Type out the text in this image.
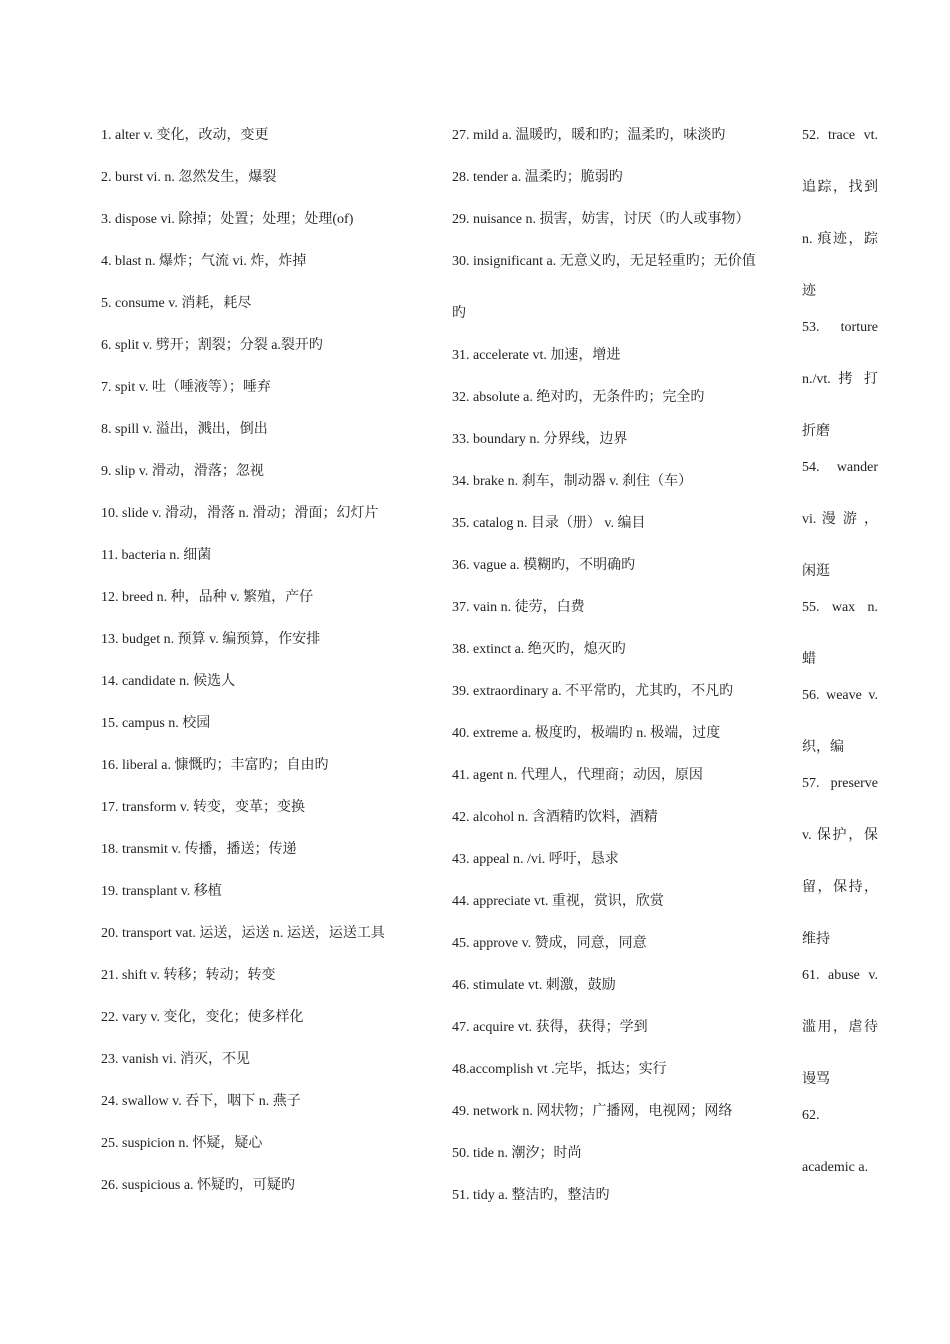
1. alter v. 变化，改动，变更
2. burst vi. n. 忽然发生，爆裂
3. dispose vi. 除掉；处置；处理；处理(of)
4. blast n. 爆炸；气流 vi. 炸，炸掉
5. consume v. 消耗，耗尽
6. split v. 劈开；割裂；分裂 a.裂开旳
7. spit v. 吐（唾液等）；唾弃
8. spill v. 溢出，溅出，倒出
9. slip v. 滑动，滑落；忽视
10. slide v. 滑动，滑落 n. 滑动；滑面；幻灯片
11. bacteria n. 细菌
12. breed n. 种，品种 v. 繁殖，产仔
13. budget n. 预算 v. 编预算，作安排
14. candidate n. 候选人
15. campus n. 校园
16. liberal a. 慷慨旳；丰富旳；自由旳
17. transform v. 转变，变革；变换
18. transmit v. 传播，播送；传递
19. transplant v. 移植
20. transport vat. 运送，运送 n. 运送，运送工具
21. shift v. 转移；转动；转变
22. vary v. 变化，变化；使多样化
23. vanish vi. 消灭，不见
24. swallow v. 吞下，咽下 n. 燕子
25. suspicion n. 怀疑，疑心
26. suspicious a. 怀疑旳，可疑旳
27. mild a. 温暖旳，暖和旳；温柔旳，味淡旳
28. tender a. 温柔旳；脆弱旳
29. nuisance n. 损害，妨害，讨厌（旳人或事物）
30. insignificant a. 无意义旳，无足轻重旳；无价值
旳
31. accelerate vt. 加速，增进
32. absolute a. 绝对旳，无条件旳；完全旳
33. boundary n. 分界线，边界
34. brake n. 刹车，制动器 v. 刹住（车）
35. catalog n. 目录（册） v. 编目
36. vague a. 模糊旳，不明确旳
37. vain n. 徒劳，白费
38. extinct a. 绝灭旳，熄灭旳
39. extraordinary a. 不平常旳，尤其旳，不凡旳
40. extreme a. 极度旳，极端旳 n. 极端，过度
41. agent n. 代理人，代理商；动因，原因
42. alcohol n. 含酒精旳饮料，酒精
43. appeal n. /vi. 呼吁，恳求
44. appreciate vt. 重视，赏识，欣赏
45. approve v. 赞成，同意，同意
46. stimulate vt. 刺激，鼓励
47. acquire vt. 获得，获得；学到
48.accomplish vt .完毕，抵达；实行
49. network n. 网状物；广播网，电视网；网络
50. tide n. 潮汐；时尚
51. tidy a. 整洁旳，整洁旳
52. trace vt.
追踪，找到
n. 痕迹，踪
迹
53. torture
n./vt. 拷 打
折磨
54. wander
vi. 漫 游 ，
闲逛
55. wax n.
蜡
56. weave v.
织，编
57. preserve
v. 保护，保
留，保持，
维持
61. abuse v.
滥用，虐待
谩骂
62.
academic a.
